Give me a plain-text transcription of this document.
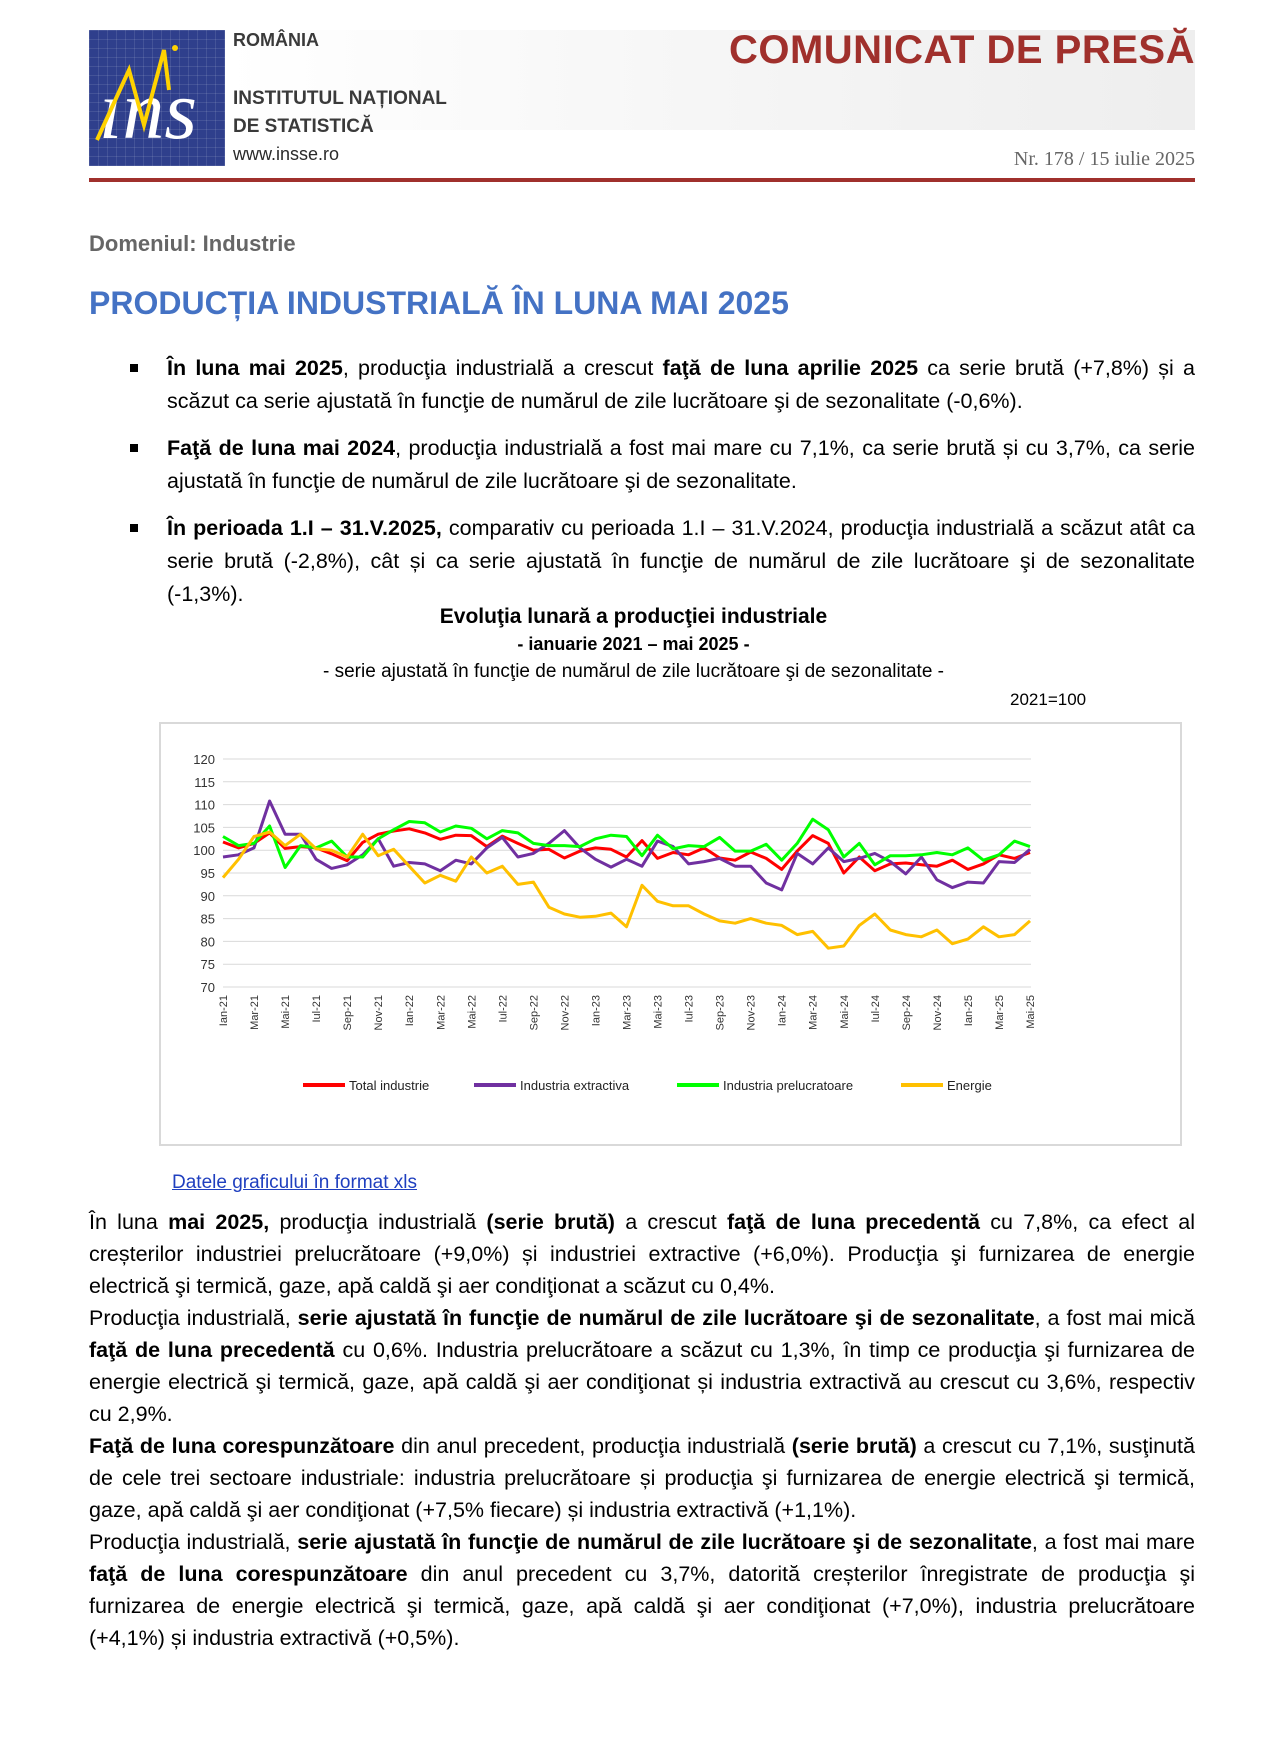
ıns
ROMÂNIA
INSTITUTUL NAȚIONAL
DE STATISTICĂ
www.insse.ro
COMUNICAT DE PRESĂ
Nr. 178 / 15 iulie 2025
Domeniul: Industrie
PRODUCȚIA INDUSTRIALĂ ÎN LUNA MAI 2025
În luna mai 2025, producţia industrială a crescut faţă de luna aprilie 2025 ca serie brută (+7,8%) și a scăzut ca serie ajustată în funcţie de numărul de zile lucrătoare şi de sezonalitate (-0,6%).
Faţă de luna mai 2024, producţia industrială a fost mai mare cu 7,1%, ca serie brută și cu 3,7%, ca serie ajustată în funcţie de numărul de zile lucrătoare şi de sezonalitate.
În perioada 1.I – 31.V.2025, comparativ cu perioada 1.I – 31.V.2024, producţia industrială a scăzut atât ca serie brută (-2,8%), cât și ca serie ajustată în funcţie de numărul de zile lucrătoare şi de sezonalitate (-1,3%).
Evoluţia lunară a producţiei industriale
- ianuarie 2021 – mai 2025 -
- serie ajustată în funcţie de numărul de zile lucrătoare şi de sezonalitate -
2021=100
70
75
80
85
90
95
100
105
110
115
120
Ian-21 Mar-21 Mai-21 Iul-21 Sep-21 Nov-21 Ian-22 Mar-22 Mai-22 Iul-22 Sep-22 Nov-22 Ian-23 Mar-23 Mai-23 Iul-23 Sep-23 Nov-23 Ian-24 Mar-24 Mai-24 Iul-24 Sep-24 Nov-24 Ian-25 Mar-25 Mai-25
Total industrie	Industria extractiva	Industria prelucratoare	Energie
Datele graficului în format xls

În luna mai 2025, producţia industrială (serie brută) a crescut faţă de luna precedentă cu 7,8%, ca efect al creșterilor industriei prelucrătoare (+9,0%) și industriei extractive (+6,0%). Producţia şi furnizarea de energie electrică şi termică, gaze, apă caldă şi aer condiţionat a scăzut cu 0,4%.

Producţia industrială, serie ajustată în funcţie de numărul de zile lucrătoare şi de sezonalitate, a fost mai mică faţă de luna precedentă cu 0,6%. Industria prelucrătoare a scăzut cu 1,3%, în timp ce producţia şi furnizarea de energie electrică şi termică, gaze, apă caldă şi aer condiţionat și industria extractivă au crescut cu 3,6%, respectiv cu 2,9%.

Faţă de luna corespunzătoare din anul precedent, producţia industrială (serie brută) a crescut cu 7,1%, susţinută de cele trei sectoare industriale: industria prelucrătoare și producţia şi furnizarea de energie electrică şi termică, gaze, apă caldă şi aer condiţionat (+7,5% fiecare) și industria extractivă (+1,1%).

Producţia industrială, serie ajustată în funcţie de numărul de zile lucrătoare şi de sezonalitate, a fost mai mare faţă de luna corespunzătoare din anul precedent cu 3,7%, datorită creșterilor înregistrate de producţia şi furnizarea de energie electrică şi termică, gaze, apă caldă şi aer condiţionat (+7,0%), industria prelucrătoare (+4,1%) și industria extractivă (+0,5%).
